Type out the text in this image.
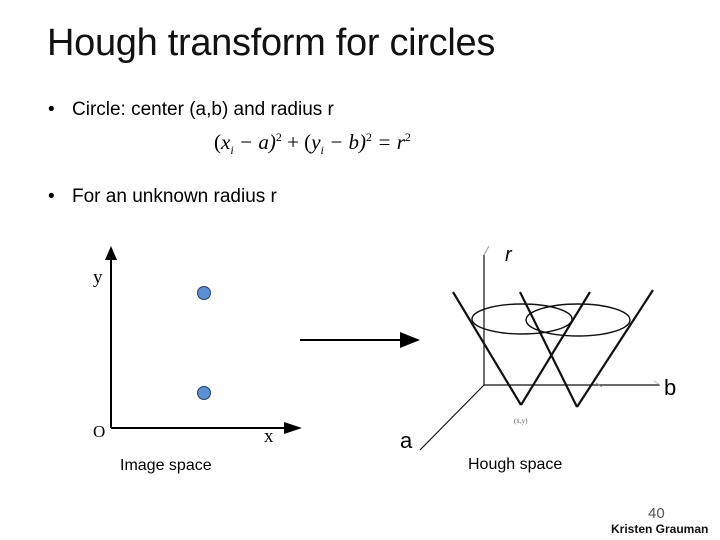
Hough transform for circles
• Circle: center (a,b) and radius r
$(x_i - a)^2 + (y_i - b)^2 = r^2$
• For an unknown radius r
y
x
O
Image space
r
b
a
(x,y)
Hough space
40
Kristen Grauman
